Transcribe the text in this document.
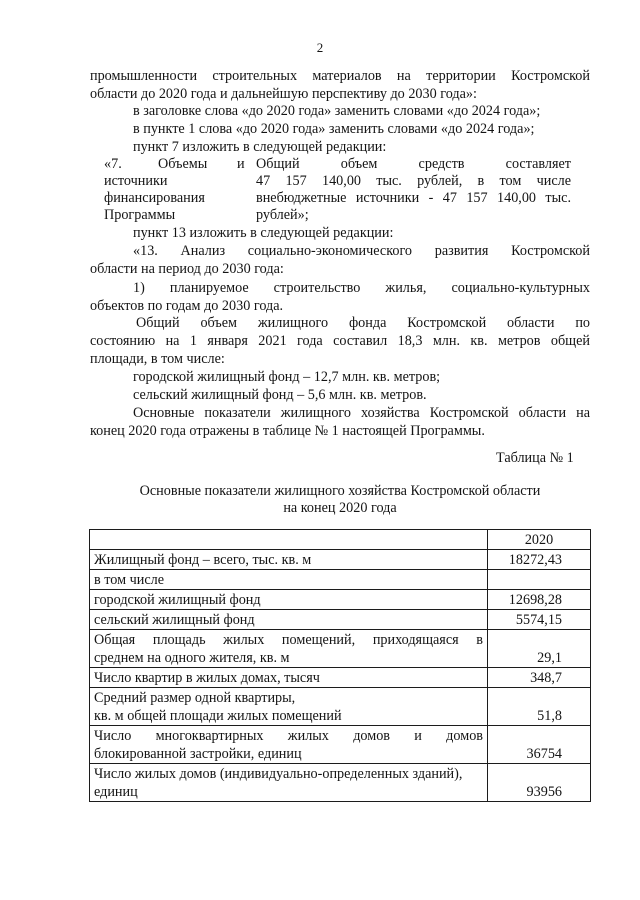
2
промышленности строительных материалов на территории Костромской
области до 2020 года и дальнейшую перспективу до 2030 года»:
в заголовке слова «до 2020 года» заменить словами «до 2024 года»;
в пункте 1 слова «до 2020 года» заменить словами «до 2024 года»;
пункт 7 изложить в следующей редакции:
«7.	Объемы и
источники
финансирования
Программы
Общий объем средств составляет
47 157 140,00 тыс. рублей, в том числе
внебюджетные источники - 47 157 140,00 тыс.
рублей»;
пункт 13 изложить в следующей редакции:
«13. Анализ социально-экономического развития Костромской
области на период до 2030 года:
1) планируемое строительство жилья, социально-культурных
объектов по годам до 2030 года.
Общий объем жилищного фонда Костромской области по
состоянию на 1 января 2021 года составил 18,3 млн. кв. метров общей
площади, в том числе:
городской жилищный фонд – 12,7 млн. кв. метров;
сельский жилищный фонд – 5,6 млн. кв. метров.
Основные показатели жилищного хозяйства Костромской области на
конец 2020 года отражены в таблице № 1 настоящей Программы.
Таблица № 1
Основные показатели жилищного хозяйства Костромской области
на конец 2020 года
	2020
Жилищный фонд – всего, тыс. кв. м	18272,43
в том числе	
городской жилищный фонд	12698,28
сельский жилищный фонд	5574,15

Общая площадь жилых помещений, приходящаяся в
среднем на одного жителя, кв. м	29,1
Число квартир в жилых домах, тысяч	348,7

Средний размер одной квартиры,
кв. м общей площади жилых помещений	51,8

Число многоквартирных жилых домов и домов
блокированной застройки, единиц	36754

Число жилых домов (индивидуально-определенных зданий),
единиц	93956
